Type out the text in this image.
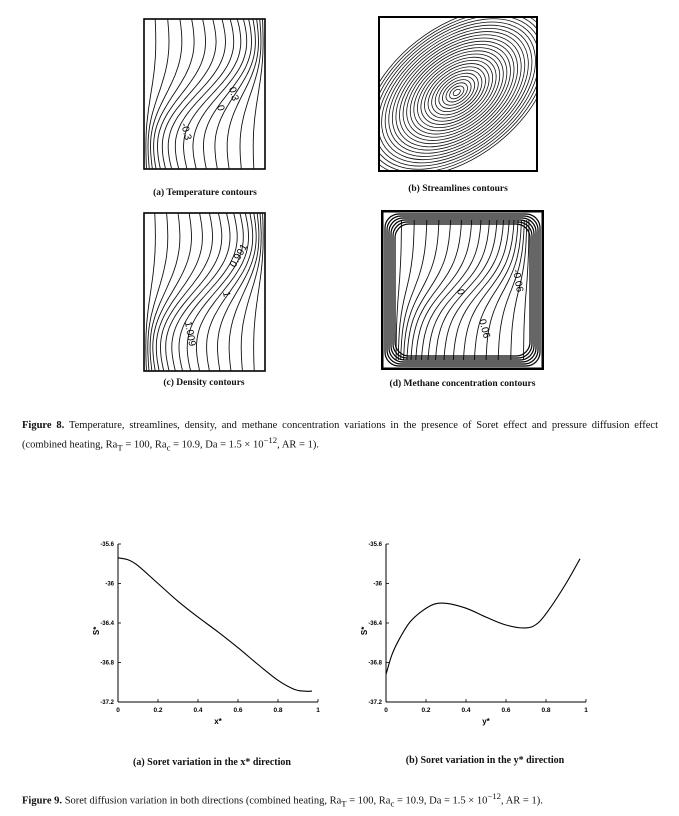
0.3
0
-0.3
(a) Temperature contours	(b) Streamlines contours
0.991
1
1.009
(c) Density contours
0.06
0	-0.06
(d) Methane concentration contours
Figure 8. Temperature, streamlines, density, and methane concentration variations in the presence of Soret effect and pressure diffusion effect (combined heating, $Ra_T = 100$, $Ra_c = 10.9$, $Da = 1.5 \times 10^{-12}$, AR = 1).
-35.6
-36
-36.4
-36.8
-37.2
0	0.2	0.4	0.6	0.8	1
S*
x*
(a) Soret variation in the x* direction
-35.6
-36
-36.4
-36.8
-37.2
0	0.2	0.4	0.6	0.8	1
S*
y*
(b) Soret variation in the y* direction
Figure 9. Soret diffusion variation in both directions (combined heating, $Ra_T = 100$, $Ra_c = 10.9$, $Da = 1.5 \times 10^{-12}$, AR = 1).
